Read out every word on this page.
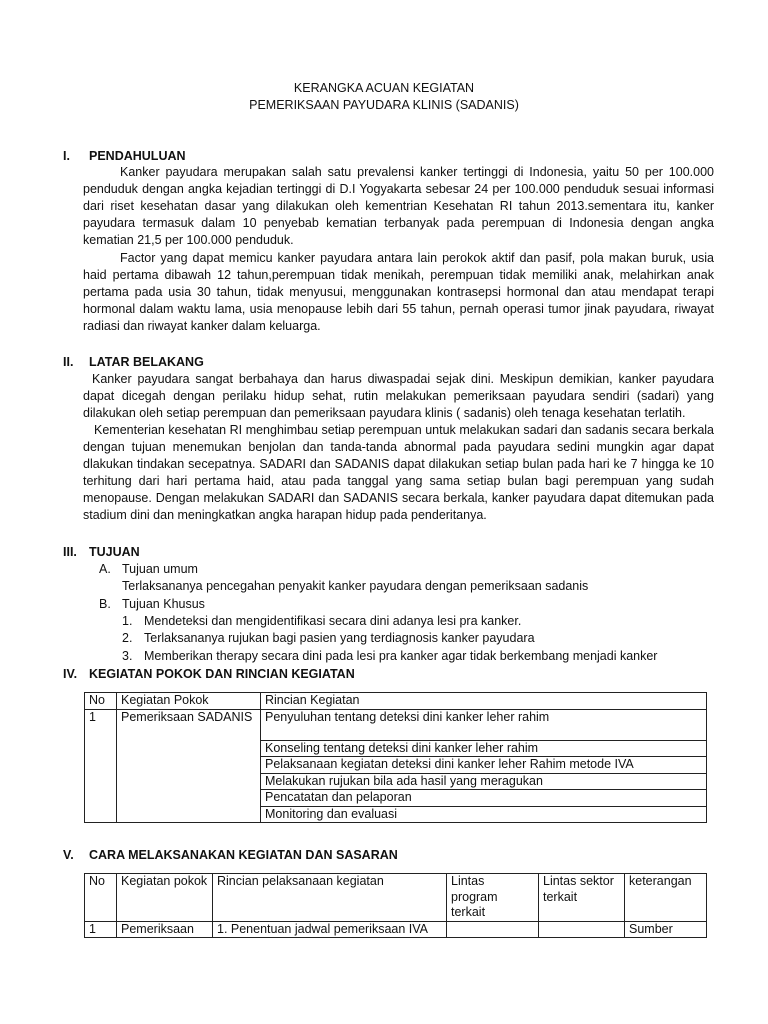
KERANGKA ACUAN KEGIATAN
PEMERIKSAAN PAYUDARA KLINIS (SADANIS)
I. PENDAHULUAN
Kanker payudara merupakan salah satu prevalensi kanker tertinggi di Indonesia, yaitu 50 per 100.000 penduduk dengan angka kejadian tertinggi di D.I Yogyakarta sebesar 24 per 100.000 penduduk sesuai informasi dari riset kesehatan dasar yang dilakukan oleh kementrian Kesehatan RI tahun 2013.sementara itu, kanker payudara termasuk dalam 10 penyebab kematian terbanyak pada perempuan di Indonesia dengan angka kematian 21,5 per 100.000 penduduk.
Factor yang dapat memicu kanker payudara antara lain perokok aktif dan pasif, pola makan buruk, usia haid pertama dibawah 12 tahun,perempuan tidak menikah, perempuan tidak memiliki anak, melahirkan anak pertama pada usia 30 tahun, tidak menyusui, menggunakan kontrasepsi hormonal dan atau mendapat terapi hormonal dalam waktu lama, usia menopause lebih dari 55 tahun, pernah operasi tumor jinak payudara, riwayat radiasi dan riwayat kanker dalam keluarga.
II. LATAR BELAKANG
Kanker payudara sangat berbahaya dan harus diwaspadai sejak dini. Meskipun demikian, kanker payudara dapat dicegah dengan perilaku hidup sehat, rutin melakukan pemeriksaan payudara sendiri (sadari) yang dilakukan oleh setiap perempuan dan pemeriksaan payudara klinis ( sadanis) oleh tenaga kesehatan terlatih.
Kementerian kesehatan RI menghimbau setiap perempuan untuk melakukan sadari dan sadanis secara berkala dengan tujuan menemukan benjolan dan tanda-tanda abnormal pada payudara sedini mungkin agar dapat dlakukan tindakan secepatnya. SADARI dan SADANIS dapat dilakukan setiap bulan pada hari ke 7 hingga ke 10 terhitung dari hari pertama haid, atau pada tanggal yang sama setiap bulan bagi perempuan yang sudah menopause. Dengan melakukan SADARI dan SADANIS secara berkala, kanker payudara dapat ditemukan pada stadium dini dan meningkatkan angka harapan hidup pada penderitanya.
III. TUJUAN
A. Tujuan umum
Terlaksananya pencegahan penyakit kanker payudara dengan pemeriksaan sadanis
B. Tujuan Khusus
1. Mendeteksi dan mengidentifikasi secara dini adanya lesi pra kanker.
2. Terlaksananya rujukan bagi pasien yang terdiagnosis kanker payudara
3. Memberikan therapy secara dini pada lesi pra kanker agar tidak berkembang menjadi kanker
IV. KEGIATAN POKOK DAN RINCIAN KEGIATAN
No	Kegiatan Pokok	Rincian Kegiatan
1	Pemeriksaan SADANIS	Penyuluhan tentang deteksi dini kanker leher rahim
		Konseling tentang deteksi dini kanker leher rahim
		Pelaksanaan kegiatan deteksi dini kanker leher Rahim metode IVA
		Melakukan rujukan bila ada hasil yang meragukan
		Pencatatan dan pelaporan
		Monitoring dan evaluasi
V. CARA MELAKSANAKAN KEGIATAN DAN SASARAN
No	Kegiatan pokok	Rincian pelaksanaan kegiatan	Lintas program terkait	Lintas sektor terkait	keterangan
1	Pemeriksaan	1. Penentuan jadwal pemeriksaan IVA			Sumber
